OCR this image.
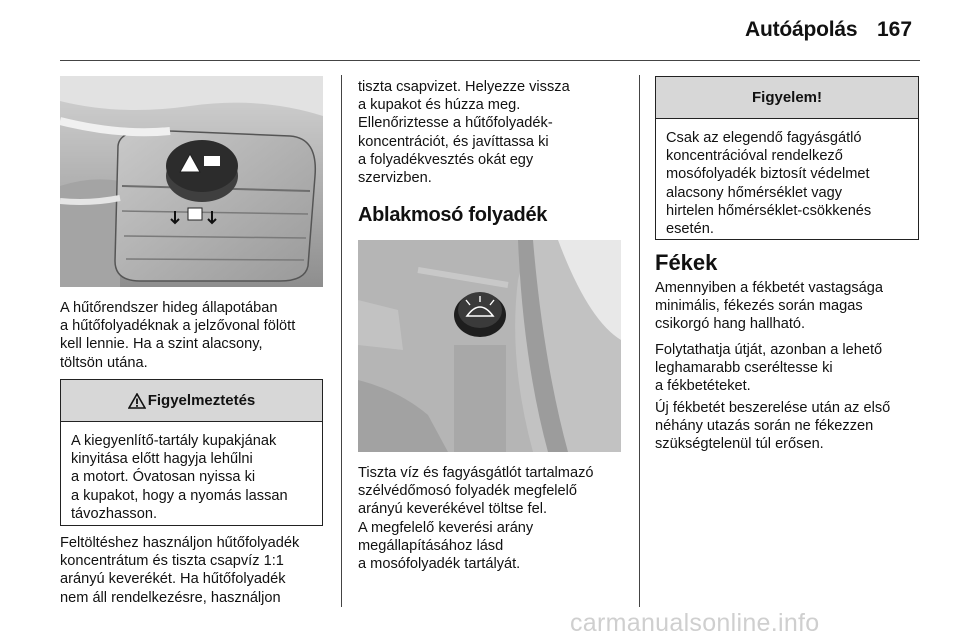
Autóápolás 167
A hűtőrendszer hideg állapotában
a hűtőfolyadéknak a jelzővonal fölött
kell lennie. Ha a szint alacsony,
töltsön utána.
Figyelmeztetés
A kiegyenlítő-tartály kupakjának
kinyitása előtt hagyja lehűlni
a motort. Óvatosan nyissa ki
a kupakot, hogy a nyomás lassan
távozhasson.
Feltöltéshez használjon hűtőfolyadék
koncentrátum és tiszta csapvíz 1:1
arányú keverékét. Ha hűtőfolyadék
nem áll rendelkezésre, használjon
tiszta csapvizet. Helyezze vissza
a kupakot és húzza meg.
Ellenőriztesse a hűtőfolyadék-
koncentrációt, és javíttassa ki
a folyadékvesztés okát egy
szervizben.
Ablakmosó folyadék
Tiszta víz és fagyásgátlót tartalmazó
szélvédőmosó folyadék megfelelő
arányú keverékével töltse fel.
A megfelelő keverési arány
megállapításához lásd
a mosófolyadék tartályát.
Figyelem!
Csak az elegendő fagyásgátló
koncentrációval rendelkező
mosófolyadék biztosít védelmet
alacsony hőmérséklet vagy
hirtelen hőmérséklet-csökkenés
esetén.
Fékek
Amennyiben a fékbetét vastagsága
minimális, fékezés során magas
csikorgó hang hallható.
Folytathatja útját, azonban a lehető
leghamarabb cseréltesse ki
a fékbetéteket.
Új fékbetét beszerelése után az első
néhány utazás során ne fékezzen
szükségtelenül túl erősen.
carmanualsonline.info
